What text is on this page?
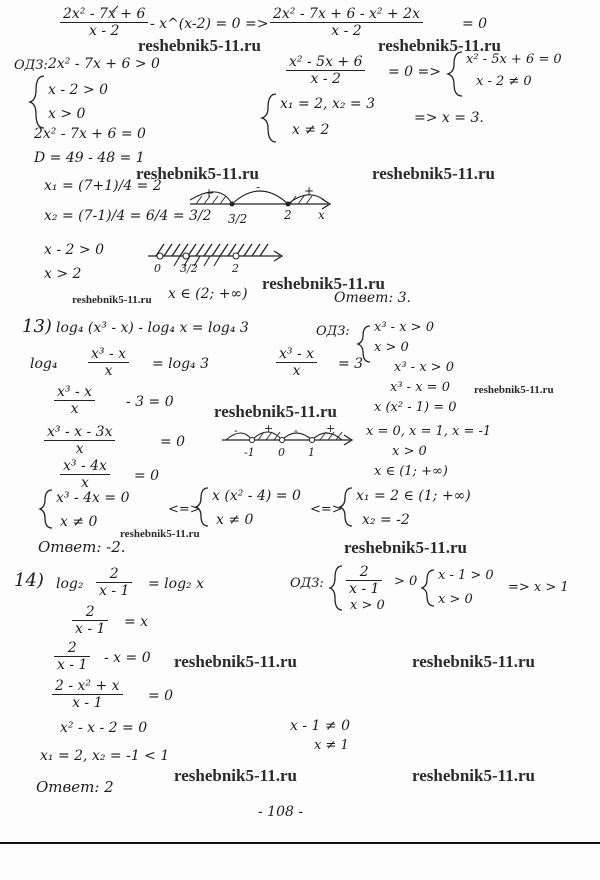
$\frac{\text{2x² - 7x + 6}}{x - 2}$ - x^(x-2) = $0 => \frac{\text{2x² - 7x + 6 - x² + 2x}}{x - 2}$	= 0
ОДЗ: 2x² - 7x + 6 > 0
x - 2 > 0
x > 0
$\frac{\text{x² - 5x + 6}}{x - 2} = 0$ =>
x² - 5x + 6 = 0
x - 2 ≠ 0
x₁ = 2, x₂ = 3
x ≠ 2
=> x = 3.
2x² - 7x + 6 = 0
D = 49 - 48 = 1
x₁ = (7+1)/4 = 2
x₂ = (7-1)/4 = 6/4 = 3/2 3/2	2 x
+	-	+
x - 2 > 0
x > 2	0 3/2	2
x ∈ (2; +∞)	Ответ: 3.
13) log₄ (x³ - x) - log₄ x = log₄ 3	ОДЗ: x³ - x > 0
x > 0
x³ - x > 0
x³ - x = 0
x (x² - 1) = 0
$\log_4 \frac{\text{x³ - x}}{x} = \log_4$ 3	$\frac{\text{x³ - x}}{x} = 3$
$\frac{\text{x³ - x}}{x} - 3 = 0$
$\frac{\text{x³ - x - 3x}}{x}$	= 0
$\frac{\text{x³ - 4x}}{x} = 0$
-1 0 1
- + -	+ x = 0, x = 1, x = -1
x > 0
x ∈ (1; +∞)
x³ - 4x = 0
x ≠ 0
<=>
x (x² - 4) = 0
x ≠ 0
<=>
x₁ = 2 ∈ (1; +∞)
x₂ = -2
Ответ: -2.
14) $\log_2 \frac{2}{x - 1} = \log_2$ x	ОДЗ: $\frac{2}{x - 1} > 0$
x > 0
x - 1 > 0
x > 0
=> x > 1
$\frac{2}{x - 1} = x$
$\frac{2}{x - 1} - x = 0$
$\frac{\text{2 - x² + x}}{x - 1} = 0$
x² - x - 2 = 0	x - 1 ≠ 0
x ≠ 1
x₁ = 2, x₂ = -1 < 1
Ответ: 2
reshebnik5-11.ru	reshebnik5-11.ru
reshebnik5-11.ru	reshebnik5-11.ru
reshebnik5-11.ru
reshebnik5-11.ru
reshebnik5-11.ru
reshebnik5-11.ru
reshebnik5-11.ru
reshebnik5-11.ru
reshebnik5-11.ru	reshebnik5-11.ru
reshebnik5-11.ru	reshebnik5-11.ru
- 108 -
